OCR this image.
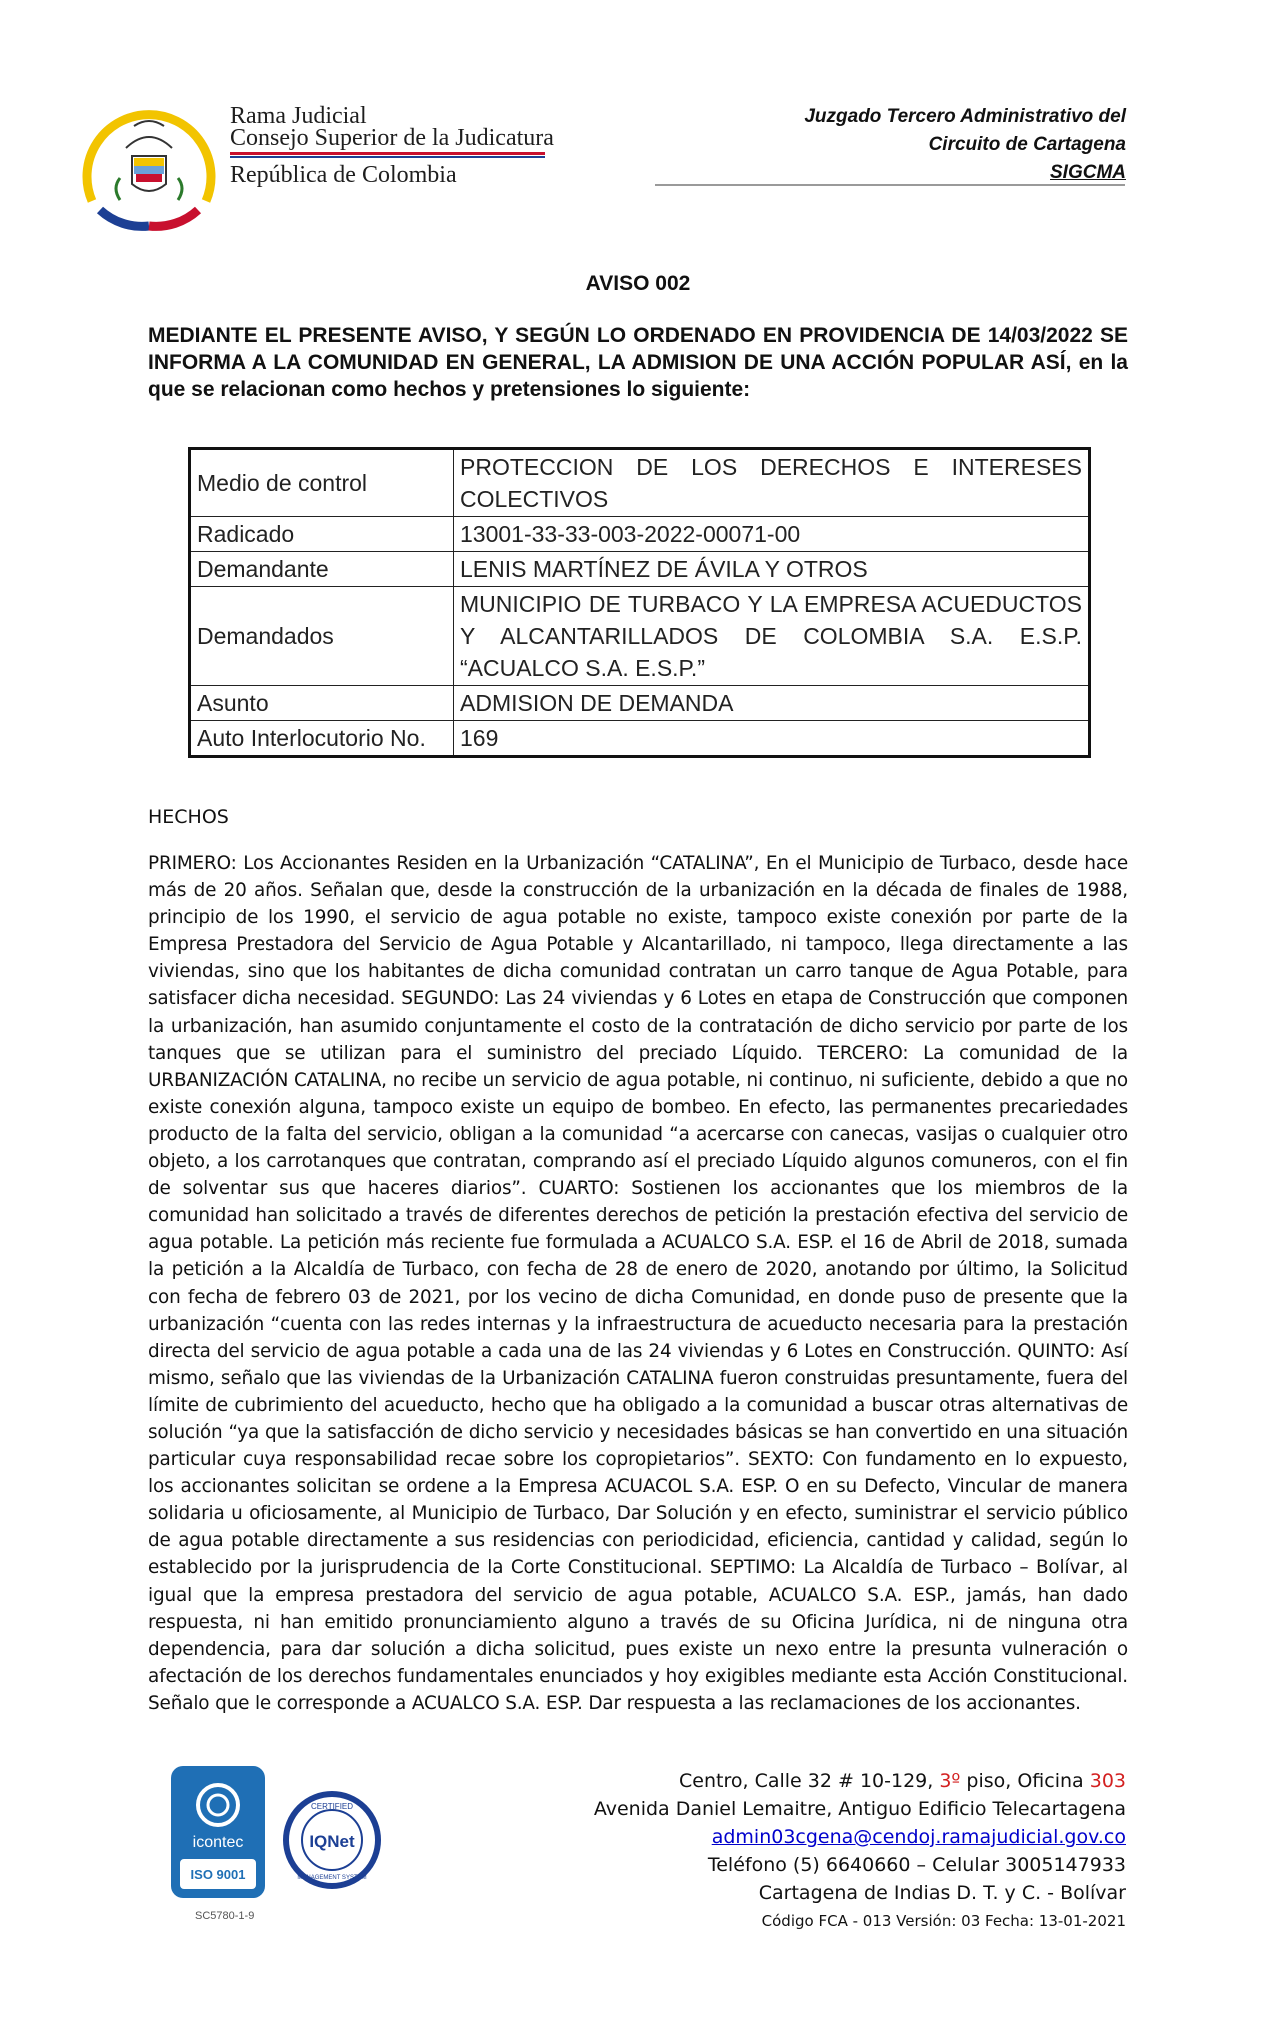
Rama Judicial
Consejo Superior de la Judicatura
República de Colombia
Juzgado Tercero Administrativo del
Circuito de Cartagena
SIGCMA
AVISO 002
MEDIANTE EL PRESENTE AVISO, Y SEGÚN LO ORDENADO EN PROVIDENCIA DE 14/03/2022 SE INFORMA A LA COMUNIDAD EN GENERAL, LA ADMISION DE UNA ACCIÓN POPULAR ASÍ, en la que se relacionan como hechos y pretensiones lo siguiente:
Medio de control	PROTECCION DE LOS DERECHOS E INTERESES COLECTIVOS
Radicado	13001-33-33-003-2022-00071-00
Demandante	LENIS MARTÍNEZ DE ÁVILA Y OTROS
Demandados	MUNICIPIO DE TURBACO Y LA EMPRESA ACUEDUCTOS Y ALCANTARILLADOS DE COLOMBIA S.A. E.S.P. “ACUALCO S.A. E.S.P.”
Asunto	ADMISION DE DEMANDA
Auto Interlocutorio No.	169
HECHOS
PRIMERO: Los Accionantes Residen en la Urbanización “CATALINA”, En el Municipio de Turbaco, desde hace más de 20 años. Señalan que, desde la construcción de la urbanización en la década de finales de 1988, principio de los 1990, el servicio de agua potable no existe, tampoco existe conexión por parte de la Empresa Prestadora del Servicio de Agua Potable y Alcantarillado, ni tampoco, llega directamente a las viviendas, sino que los habitantes de dicha comunidad contratan un carro tanque de Agua Potable, para satisfacer dicha necesidad. SEGUNDO: Las 24 viviendas y 6 Lotes en etapa de Construcción que componen la urbanización, han asumido conjuntamente el costo de la contratación de dicho servicio por parte de los tanques que se utilizan para el suministro del preciado Líquido. TERCERO: La comunidad de la URBANIZACIÓN CATALINA, no recibe un servicio de agua potable, ni continuo, ni suficiente, debido a que no existe conexión alguna, tampoco existe un equipo de bombeo. En efecto, las permanentes precariedades producto de la falta del servicio, obligan a la comunidad “a acercarse con canecas, vasijas o cualquier otro objeto, a los carrotanques que contratan, comprando así el preciado Líquido algunos comuneros, con el fin de solventar sus que haceres diarios”. CUARTO: Sostienen los accionantes que los miembros de la comunidad han solicitado a través de diferentes derechos de petición la prestación efectiva del servicio de agua potable. La petición más reciente fue formulada a ACUALCO S.A. ESP. el 16 de Abril de 2018, sumada la petición a la Alcaldía de Turbaco, con fecha de 28 de enero de 2020, anotando por último, la Solicitud con fecha de febrero 03 de 2021, por los vecino de dicha Comunidad, en donde puso de presente que la urbanización “cuenta con las redes internas y la infraestructura de acueducto necesaria para la prestación directa del servicio de agua potable a cada una de las 24 viviendas y 6 Lotes en Construcción. QUINTO: Así mismo, señalo que las viviendas de la Urbanización CATALINA fueron construidas presuntamente, fuera del límite de cubrimiento del acueducto, hecho que ha obligado a la comunidad a buscar otras alternativas de solución “ya que la satisfacción de dicho servicio y necesidades básicas se han convertido en una situación particular cuya responsabilidad recae sobre los copropietarios”. SEXTO: Con fundamento en lo expuesto, los accionantes solicitan se ordene a la Empresa ACUACOL S.A. ESP. O en su Defecto, Vincular de manera solidaria u oficiosamente, al Municipio de Turbaco, Dar Solución y en efecto, suministrar el servicio público de agua potable directamente a sus residencias con periodicidad, eficiencia, cantidad y calidad, según lo establecido por la jurisprudencia de la Corte Constitucional. SEPTIMO: La Alcaldía de Turbaco – Bolívar, al igual que la empresa prestadora del servicio de agua potable, ACUALCO S.A. ESP., jamás, han dado respuesta, ni han emitido pronunciamiento alguno a través de su Oficina Jurídica, ni de ninguna otra dependencia, para dar solución a dicha solicitud, pues existe un nexo entre la presunta vulneración o afectación de los derechos fundamentales enunciados y hoy exigibles mediante esta Acción Constitucional. Señalo que le corresponde a ACUALCO S.A. ESP. Dar respuesta a las reclamaciones de los accionantes.
icontec
ISO 9001
CERTIFIED
IQNet
MANAGEMENT SYSTEM
SC5780-1-9
Centro, Calle 32 # 10-129, 3º piso, Oficina 303
Avenida Daniel Lemaitre, Antiguo Edificio Telecartagena
admin03cgena@cendoj.ramajudicial.gov.co
Teléfono (5) 6640660 – Celular 3005147933
Cartagena de Indias D. T. y C. - Bolívar
Código FCA - 013 Versión: 03 Fecha: 13-01-2021
